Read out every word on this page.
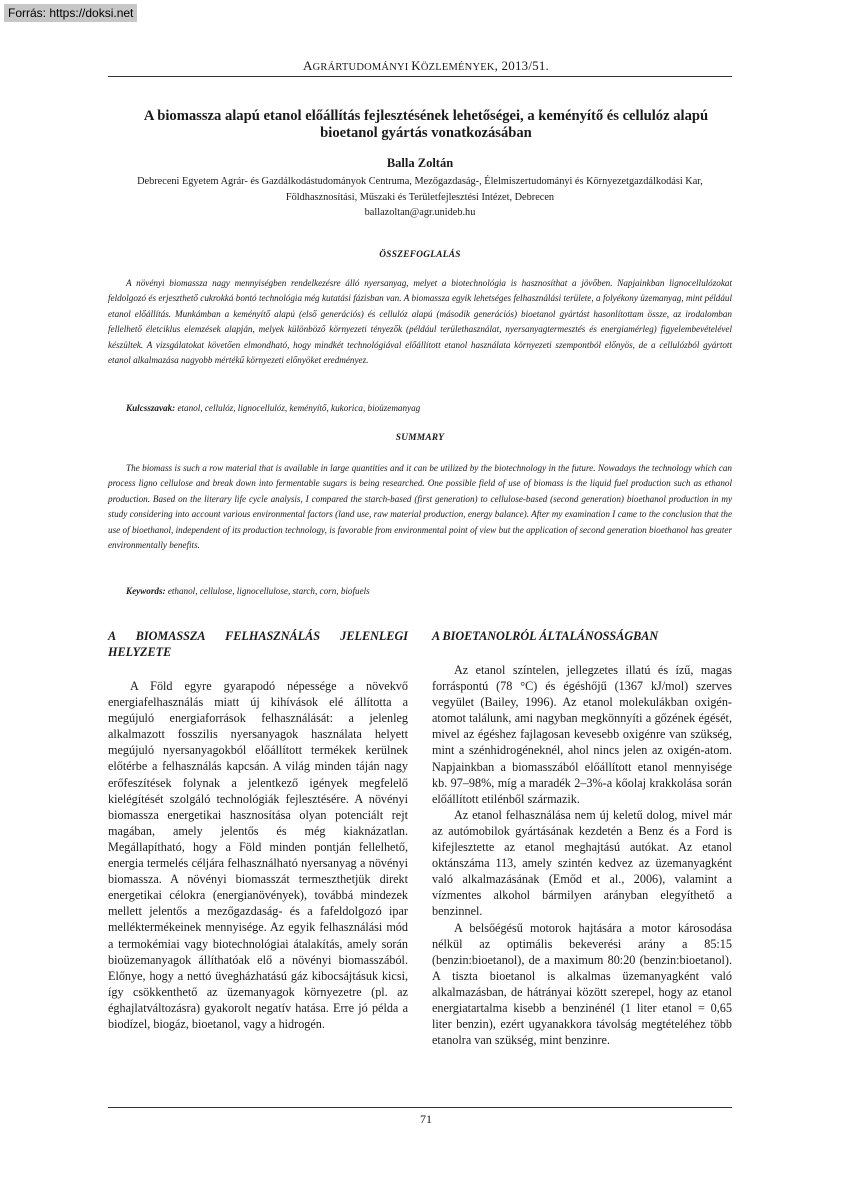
Forrás: https://doksi.net
AGRÁRTUDOMÁNYI KÖZLEMÉNYEK, 2013/51.
A biomassza alapú etanol előállítás fejlesztésének lehetőségei, a keményítő és cellulóz alapú bioetanol gyártás vonatkozásában
Balla Zoltán
Debreceni Egyetem Agrár- és Gazdálkodástudományok Centruma, Mezőgazdaság-, Élelmiszertudományi és Környezetgazdálkodási Kar,
Földhasznosítási, Műszaki és Területfejlesztési Intézet, Debrecen
ballazoltan@agr.unideb.hu
ÖSSZEFOGLALÁS

A növényi biomassza nagy mennyiségben rendelkezésre álló nyersanyag, melyet a biotechnológia is hasznosíthat a jövőben. Napjainkban lignocellulózokat feldolgozó és erjeszthető cukrokká bontó technológia még kutatási fázisban van. A biomassza egyik lehetséges felhasználási területe, a folyékony üzemanyag, mint például etanol előállítás. Munkámban a keményítő alapú (első generációs) és cellulóz alapú (második generációs) bioetanol gyártást hasonlítottam össze, az irodalomban fellelhető életciklus elemzések alapján, melyek különböző környezeti tényezők (például területhasználat, nyersanyagtermesztés és energiamérleg) figyelembevételével készültek. A vizsgálatokat követően elmondható, hogy mindkét technológiával előállított etanol használata környezeti szempontból előnyös, de a cellulózból gyártott etanol alkalmazása nagyobb mértékű környezeti előnyöket eredményez.

Kulcsszavak: etanol, cellulóz, lignocellulóz, keményítő, kukorica, bioüzemanyag
SUMMARY

The biomass is such a row material that is available in large quantities and it can be utilized by the biotechnology in the future. Nowadays the technology which can process ligno cellulose and break down into fermentable sugars is being researched. One possible field of use of biomass is the liquid fuel production such as ethanol production. Based on the literary life cycle analysis, I compared the starch-based (first generation) to cellulose-based (second generation) bioethanol production in my study considering into account various environmental factors (land use, raw material production, energy balance). After my examination I came to the conclusion that the use of bioethanol, independent of its production technology, is favorable from environmental point of view but the application of second generation bioethanol has greater environmentally benefits.

Keywords: ethanol, cellulose, lignocellulose, starch, corn, biofuels
A BIOMASSZA FELHASZNÁLÁS JELENLEGI HELYZETE

A Föld egyre gyarapodó népessége a növekvő energiafelhasználás miatt új kihívások elé állította a megújuló energiaforrások felhasználását: a jelenleg alkalmazott fosszilis nyersanyagok használata helyett megújuló nyersanyagokból előállított termékek kerülnek előtérbe a felhasználás kapcsán. A világ minden táján nagy erőfeszítések folynak a jelentkező igények megfelelő kielégítését szolgáló technológiák fejlesztésére. A növényi biomassza energetikai hasznosítása olyan potenciált rejt magában, amely jelentős és még kiaknázatlan. Megállapítható, hogy a Föld minden pontján fellelhető, energia termelés céljára felhasználható nyersanyag a növényi biomassza. A növényi biomasszát termeszthetjük direkt energetikai célokra (energianövények), továbbá mindezek mellett jelentős a mezőgazdaság- és a fafeldolgozó ipar melléktermékeinek mennyisége. Az egyik felhasználási mód a termokémiai vagy biotechnológiai átalakítás, amely során bioüzemanyagok állíthatóak elő a növényi biomasszából. Előnye, hogy a nettó üvegházhatású gáz kibocsájtásuk kicsi, így csökkenthető az üzemanyagok környezetre (pl. az éghajlatváltozásra) gyakorolt negatív hatása. Erre jó példa a biodízel, biogáz, bioetanol, vagy a hidrogén.

A BIOETANOLRÓL ÁLTALÁNOSSÁGBAN

Az etanol színtelen, jellegzetes illatú és ízű, magas forráspontú (78 °C) és égéshőjű (1367 kJ/mol) szerves vegyület (Bailey, 1996). Az etanol molekulákban oxigén-atomot találunk, ami nagyban megkönnyíti a gőzének égését, mivel az égéshez fajlagosan kevesebb oxigénre van szükség, mint a szénhidrogéneknél, ahol nincs jelen az oxigén-atom. Napjainkban a biomasszából előállított etanol mennyisége kb. 97–98%, míg a maradék 2–3%-a kőolaj krakkolása során előállított etilénből származik.

Az etanol felhasználása nem új keletű dolog, mivel már az autómobilok gyártásának kezdetén a Benz és a Ford is kifejlesztette az etanol meghajtású autókat. Az etanol oktánszáma 113, amely szintén kedvez az üzemanyagként való alkalmazásának (Emőd et al., 2006), valamint a vízmentes alkohol bármilyen arányban elegyíthető a benzinnel.

A belsőégésű motorok hajtására a motor károsodása nélkül az optimális bekeverési arány a 85:15 (benzin:bioetanol), de a maximum 80:20 (benzin:bioetanol). A tiszta bioetanol is alkalmas üzemanyagként való alkalmazásban, de hátrányai között szerepel, hogy az etanol energiatartalma kisebb a benzinénél (1 liter etanol = 0,65 liter benzin), ezért ugyanakkora távolság megtételéhez több etanolra van szükség, mint benzinre.

71
